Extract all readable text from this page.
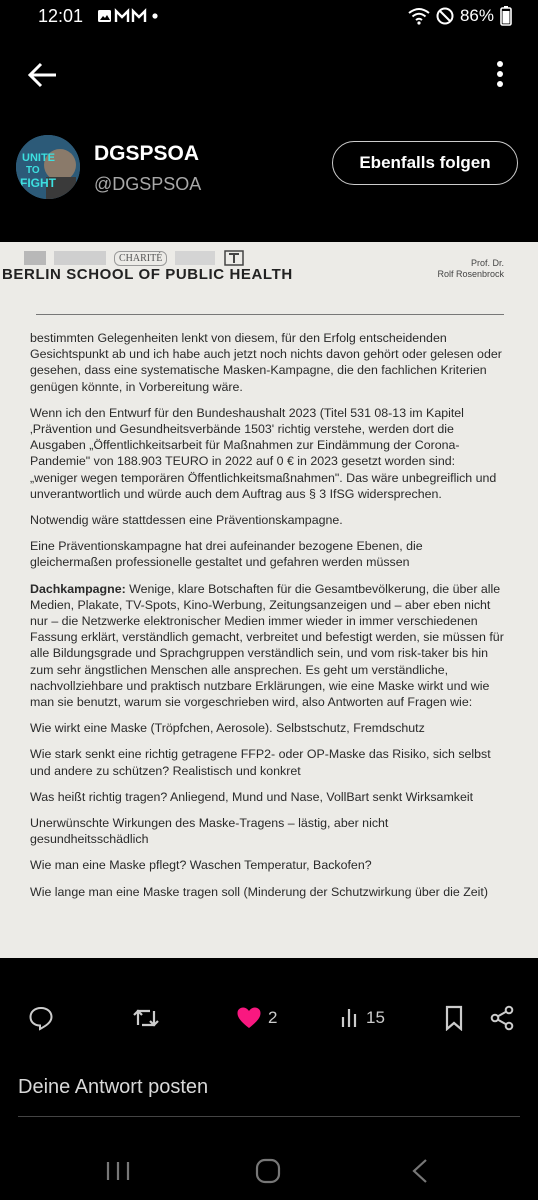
12:01	86%
UNITE
TO
FIGHT
DGSPSOA
@DGSPSOA
Ebenfalls folgen
CHARITÉ
BERLIN SCHOOL OF PUBLIC HEALTH
Prof. Dr.
Rolf Rosenbrock

bestimmten Gelegenheiten lenkt von diesem, für den Erfolg entscheidenden Gesichtspunkt ab und ich habe auch jetzt noch nichts davon gehört oder gelesen oder gesehen, dass eine systematische Masken-Kampagne, die den fachlichen Kriterien genügen könnte, in Vorbereitung wäre.

Wenn ich den Entwurf für den Bundeshaushalt 2023 (Titel 531 08-13 im Kapitel ‚Prävention und Gesundheitsverbände 1503' richtig verstehe, werden dort die Ausgaben „Öffentlichkeitsarbeit für Maßnahmen zur Eindämmung der Corona-Pandemie" von 188.903 TEURO in 2022 auf 0 € in 2023 gesetzt worden sind: „weniger wegen temporären Öffentlichkeitsmaßnahmen". Das wäre unbegreiflich und unverantwortlich und würde auch dem Auftrag aus § 3 IfSG widersprechen.

Notwendig wäre stattdessen eine Präventionskampagne.

Eine Präventionskampagne hat drei aufeinander bezogene Ebenen, die gleichermaßen professionelle gestaltet und gefahren werden müssen

Dachkampagne: Wenige, klare Botschaften für die Gesamtbevölkerung, die über alle Medien, Plakate, TV-Spots, Kino-Werbung, Zeitungsanzeigen und – aber eben nicht nur – die Netzwerke elektronischer Medien immer wieder in immer verschiedenen Fassung erklärt, verständlich gemacht, verbreitet und befestigt werden, sie müssen für alle Bildungsgrade und Sprachgruppen verständlich sein, und vom risk-taker bis hin zum sehr ängstlichen Menschen alle ansprechen. Es geht um verständliche, nachvollziehbare und praktisch nutzbare Erklärungen, wie eine Maske wirkt und wie man sie benutzt, warum sie vorgeschrieben wird, also Antworten auf Fragen wie:

Wie wirkt eine Maske (Tröpfchen, Aerosole). Selbstschutz, Fremdschutz

Wie stark senkt eine richtig getragene FFP2- oder OP-Maske das Risiko, sich selbst und andere zu schützen? Realistisch und konkret

Was heißt richtig tragen? Anliegend, Mund und Nase, VollBart senkt Wirksamkeit

Unerwünschte Wirkungen des Maske-Tragens – lästig, aber nicht gesundheitsschädlich

Wie man eine Maske pflegt? Waschen Temperatur, Backofen?

Wie lange man eine Maske tragen soll (Minderung der Schutzwirkung über die Zeit)

2	15
Deine Antwort posten
